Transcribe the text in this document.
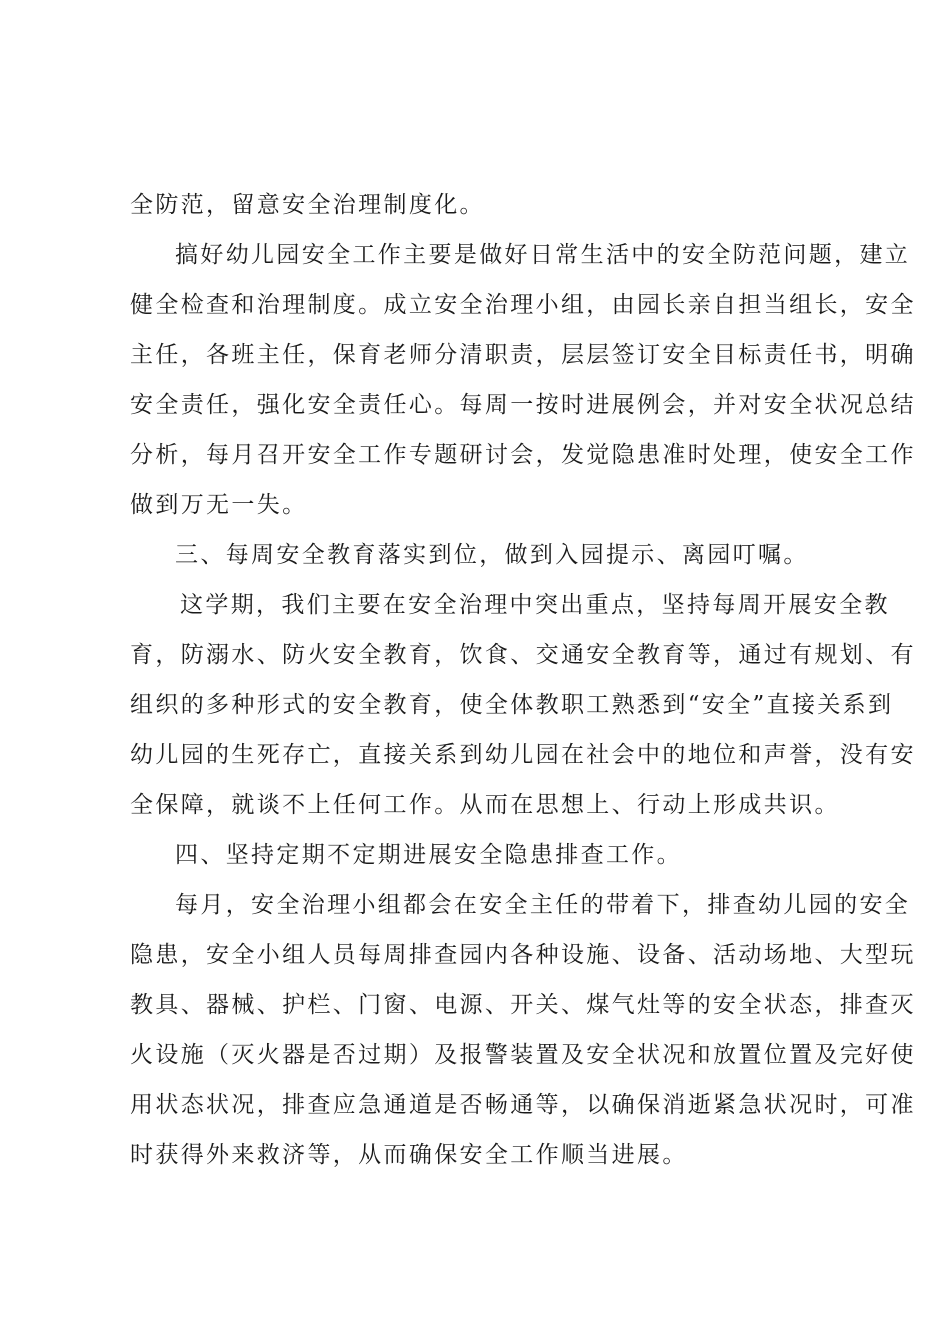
全防范，留意安全治理制度化。
搞好幼儿园安全工作主要是做好日常生活中的安全防范问题，建立
健全检查和治理制度。成立安全治理小组，由园长亲自担当组长，安全
主任，各班主任，保育老师分清职责，层层签订安全目标责任书，明确
安全责任，强化安全责任心。每周一按时进展例会，并对安全状况总结
分析，每月召开安全工作专题研讨会，发觉隐患准时处理，使安全工作
做到万无一失。
三、每周安全教育落实到位，做到入园提示、离园叮嘱。
这学期，我们主要在安全治理中突出重点，坚持每周开展安全教
育，防溺水、防火安全教育，饮食、交通安全教育等，通过有规划、有
组织的多种形式的安全教育，使全体教职工熟悉到“安全”直接关系到
幼儿园的生死存亡，直接关系到幼儿园在社会中的地位和声誉，没有安
全保障，就谈不上任何工作。从而在思想上、行动上形成共识。
四、坚持定期不定期进展安全隐患排查工作。
每月，安全治理小组都会在安全主任的带着下，排查幼儿园的安全
隐患，安全小组人员每周排查园内各种设施、设备、活动场地、大型玩
教具、器械、护栏、门窗、电源、开关、煤气灶等的安全状态，排查灭
火设施（灭火器是否过期）及报警装置及安全状况和放置位置及完好使
用状态状况，排查应急通道是否畅通等，以确保消逝紧急状况时，可准
时获得外来救济等，从而确保安全工作顺当进展。
